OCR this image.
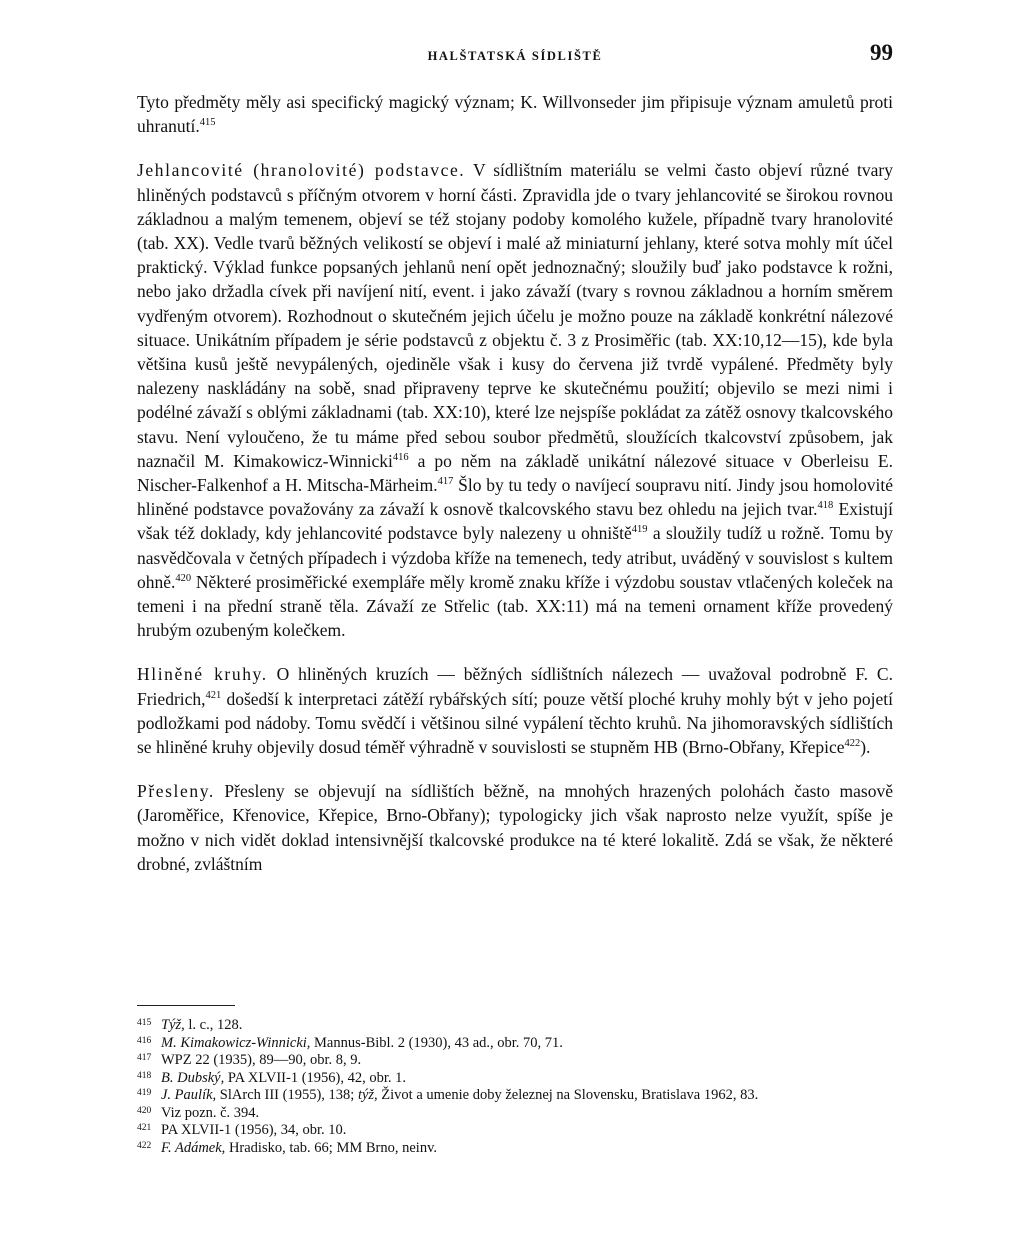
HALŠTATSKÁ SÍDLIŠTĚ	99

Tyto předměty měly asi specifický magický význam; K. Willvonseder jim připisuje význam amuletů proti uhranutí.$^{415}$

Jehlancovité (hranolovité) podstavce. V sídlištním materiálu se velmi často objeví různé tvary hliněných podstavců s příčným otvorem v horní části. Zpravidla jde o tvary jehlancovité se širokou rovnou základnou a malým temenem, objeví se též stojany podoby komolého kužele, případně tvary hranolovité (tab. XX). Vedle tvarů běžných velikostí se objeví i malé až miniaturní jehlany, které sotva mohly mít účel praktický. Výklad funkce popsaných jehlanů není opět jednoznačný; sloužily buď jako podstavce k rožni, nebo jako držadla cívek při navíjení nití, event. i jako závaží (tvary s rovnou základnou a horním směrem vydřeným otvorem). Rozhodnout o skutečném jejich účelu je možno pouze na základě konkrétní nálezové situace. Unikátním případem je série podstavců z objektu č. 3 z Prosiměřic (tab. XX:10,12—15), kde byla většina kusů ještě nevypálených, ojediněle však i kusy do červena již tvrdě vypálené. Předměty byly nalezeny naskládány na sobě, snad připraveny teprve ke skutečnému použití; objevilo se mezi nimi i podélné závaží s oblými základnami (tab. XX:10), které lze nejspíše pokládat za zátěž osnovy tkalcovského stavu. Není vyloučeno, že tu máme před sebou soubor předmětů, sloužících tkalcovství způsobem, jak naznačil M. Kimakowicz-Winnicki$^{416}$ a po něm na základě unikátní nálezové situace v Oberleisu E. Nischer-Falkenhof a H. Mitscha-Märheim.$^{417}$ Šlo by tu tedy o navíjecí soupravu nití. Jindy jsou homolovité hliněné podstavce považovány za závaží k osnově tkalcovského stavu bez ohledu na jejich tvar.$^{418}$ Existují však též doklady, kdy jehlancovité podstavce byly nalezeny u ohniště$^{419}$ a sloužily tudíž u rožně. Tomu by nasvědčovala v četných případech i výzdoba kříže na temenech, tedy atribut, uváděný v souvislost s kultem ohně.$^{420}$ Některé prosiměřické exempláře měly kromě znaku kříže i výzdobu soustav vtlačených koleček na temeni i na přední straně těla. Závaží ze Střelic (tab. XX:11) má na temeni ornament kříže provedený hrubým ozubeným kolečkem.

Hliněné kruhy. O hliněných kruzích — běžných sídlištních nálezech — uvažoval podrobně F. C. Friedrich,$^{421}$ došedší k interpretaci zátěží rybářských sítí; pouze větší ploché kruhy mohly být v jeho pojetí podložkami pod nádoby. Tomu svědčí i většinou silné vypálení těchto kruhů. Na jihomoravských sídlištích se hliněné kruhy objevily dosud téměř výhradně v souvislosti se stupněm HB (Brno-Obřany, Křepice$^{422}$).

Přesleny. Přesleny se objevují na sídlištích běžně, na mnohých hrazených polohách často masově (Jaroměřice, Křenovice, Křepice, Brno-Obřany); typologicky jich však naprosto nelze využít, spíše je možno v nich vidět doklad intensivnější tkalcovské produkce na té které lokalitě. Zdá se však, že některé drobné, zvláštním

415 Týž, l. c., 128.
416 M. Kimakowicz-Winnicki, Mannus-Bibl. 2 (1930), 43 ad., obr. 70, 71.
417 WPZ 22 (1935), 89—90, obr. 8, 9.
418 B. Dubský, PA XLVII-1 (1956), 42, obr. 1.
419 J. Paulík, SlArch III (1955), 138; týž, Život a umenie doby železnej na Slovensku, Bratislava 1962, 83.
420 Viz pozn. č. 394.
421 PA XLVII-1 (1956), 34, obr. 10.
422 F. Adámek, Hradisko, tab. 66; MM Brno, neinv.
